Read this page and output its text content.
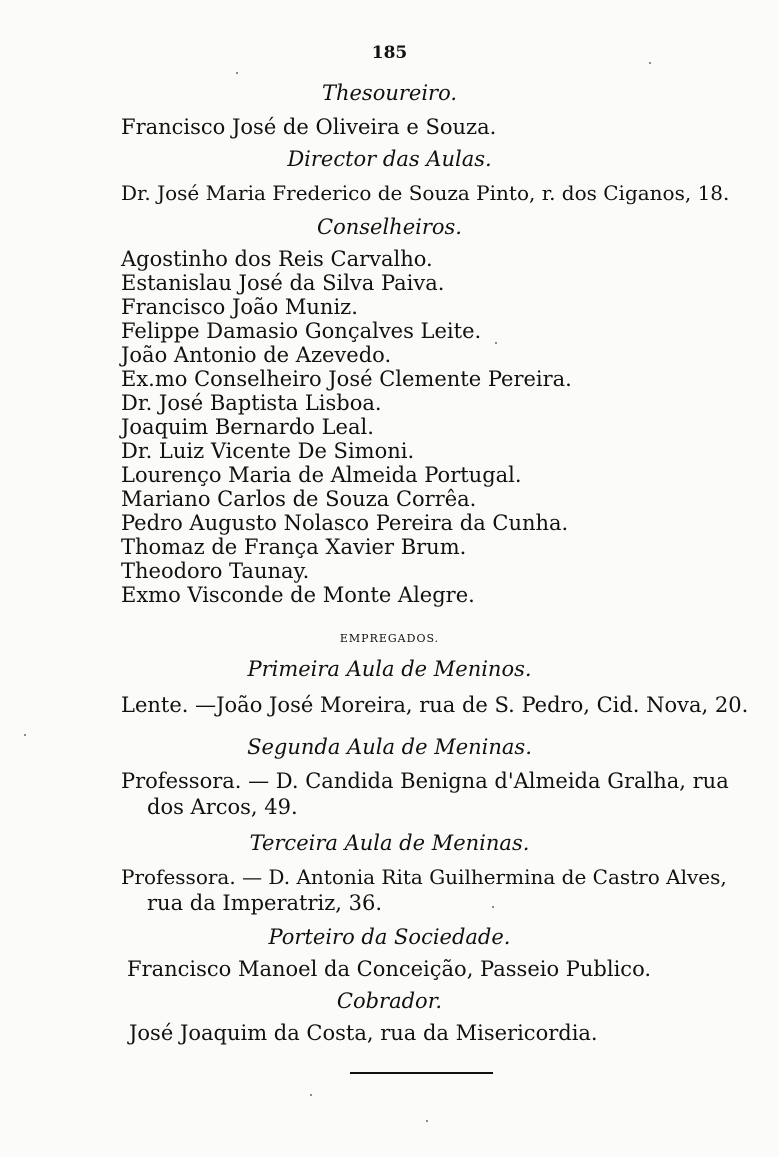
185
Thesoureiro.
Francisco José de Oliveira e Souza.
Director das Aulas.
Dr. José Maria Frederico de Souza Pinto, r. dos Ciganos, 18.
Conselheiros.
Agostinho dos Reis Carvalho.
Estanislau José da Silva Paiva.
Francisco João Muniz.
Felippe Damasio Gonçalves Leite.
João Antonio de Azevedo.
Ex.mo Conselheiro José Clemente Pereira.
Dr. José Baptista Lisboa.
Joaquim Bernardo Leal.
Dr. Luiz Vicente De Simoni.
Lourenço Maria de Almeida Portugal.
Mariano Carlos de Souza Corrêa.
Pedro Augusto Nolasco Pereira da Cunha.
Thomaz de França Xavier Brum.
Theodoro Taunay.
Exmo Visconde de Monte Alegre.
EMPREGADOS.
Primeira Aula de Meninos.
Lente. —João José Moreira, rua de S. Pedro, Cid. Nova, 20.
Segunda Aula de Meninas.
Professora. — D. Candida Benigna d'Almeida Gralha, rua
dos Arcos, 49.
Terceira Aula de Meninas.
Professora. — D. Antonia Rita Guilhermina de Castro Alves,
rua da Imperatriz, 36.
Porteiro da Sociedade.
Francisco Manoel da Conceição, Passeio Publico.
Cobrador.
José Joaquim da Costa, rua da Misericordia.
